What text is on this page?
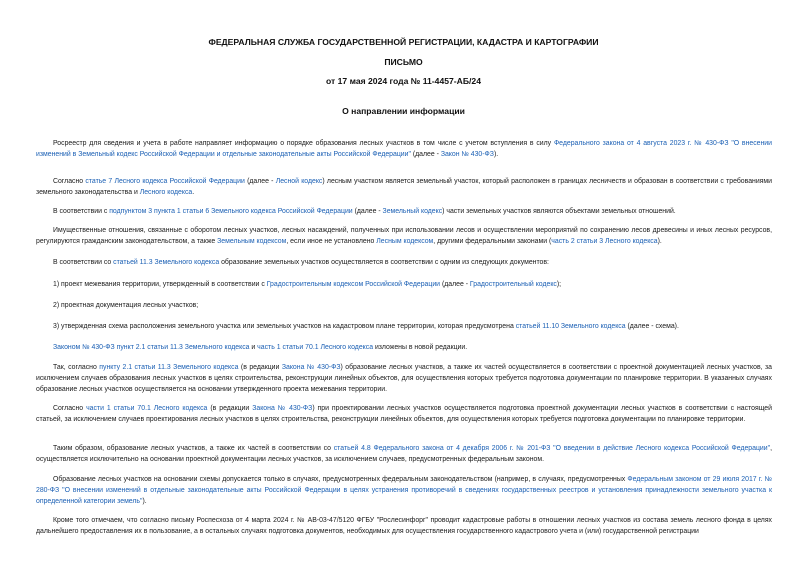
ФЕДЕРАЛЬНАЯ СЛУЖБА ГОСУДАРСТВЕННОЙ РЕГИСТРАЦИИ, КАДАСТРА И КАРТОГРАФИИ
ПИСЬМО
от 17 мая 2024 года № 11-4457-АБ/24
О направлении информации

Росреестр для сведения и учета в работе направляет информацию о порядке образования лесных участков в том числе с учетом вступления в силу Федерального закона от 4 августа 2023 г. № 430-ФЗ "О внесении изменений в Земельный кодекс Российской Федерации и отдельные законодательные акты Российской Федерации" (далее - Закон № 430-ФЗ).

Согласно статье 7 Лесного кодекса Российской Федерации (далее - Лесной кодекс) лесным участком является земельный участок, который расположен в границах лесничеств и образован в соответствии с требованиями земельного законодательства и Лесного кодекса.

В соответствии с подпунктом 3 пункта 1 статьи 6 Земельного кодекса Российской Федерации (далее - Земельный кодекс) части земельных участков являются объектами земельных отношений.

Имущественные отношения, связанные с оборотом лесных участков, лесных насаждений, полученных при использовании лесов и осуществлении мероприятий по сохранению лесов древесины и иных лесных ресурсов, регулируются гражданским законодательством, а также Земельным кодексом, если иное не установлено Лесным кодексом, другими федеральными законами (часть 2 статьи 3 Лесного кодекса).

В соответствии со статьей 11.3 Земельного кодекса образование земельных участков осуществляется в соответствии с одним из следующих документов:

1) проект межевания территории, утвержденный в соответствии с Градостроительным кодексом Российской Федерации (далее - Градостроительный кодекс);

2) проектная документация лесных участков;

3) утвержденная схема расположения земельного участка или земельных участков на кадастровом плане территории, которая предусмотрена статьей 11.10 Земельного кодекса (далее - схема).

Законом № 430-ФЗ пункт 2.1 статьи 11.3 Земельного кодекса и часть 1 статьи 70.1 Лесного кодекса изложены в новой редакции.

Так, согласно пункту 2.1 статьи 11.3 Земельного кодекса (в редакции Закона № 430-ФЗ) образование лесных участков, а также их частей осуществляется в соответствии с проектной документацией лесных участков, за исключением случаев образования лесных участков в целях строительства, реконструкции линейных объектов, для осуществления которых требуется подготовка документации по планировке территории. В указанных случаях образование лесных участков осуществляется на основании утвержденного проекта межевания территории.

Согласно части 1 статьи 70.1 Лесного кодекса (в редакции Закона № 430-ФЗ) при проектировании лесных участков осуществляется подготовка проектной документации лесных участков в соответствии с настоящей статьей, за исключением случаев проектирования лесных участков в целях строительства, реконструкции линейных объектов, для осуществления которых требуется подготовка документации по планировке территории.

Таким образом, образование лесных участков, а также их частей в соответствии со статьей 4.8 Федерального закона от 4 декабря 2006 г. № 201-ФЗ "О введении в действие Лесного кодекса Российской Федерации", осуществляется исключительно на основании проектной документации лесных участков, за исключением случаев, предусмотренных федеральным законом.

Образование лесных участков на основании схемы допускается только в случаях, предусмотренных федеральным законодательством (например, в случаях, предусмотренных Федеральным законом от 29 июля 2017 г. № 280-ФЗ "О внесении изменений в отдельные законодательные акты Российской Федерации в целях устранения противоречий в сведениях государственных реестров и установления принадлежности земельного участка к определенной категории земель").

Кроме того отмечаем, что согласно письму Роспесхоза от 4 марта 2024 г. № АВ-03-47/5120 ФГБУ "Рослесинфорг" проводит кадастровые работы в отношении лесных участков из состава земель лесного фонда в целях дальнейшего предоставления их в пользование, а в остальных случаях подготовка документов, необходимых для осуществления государственного кадастрового учета и (или) государственной регистрации
